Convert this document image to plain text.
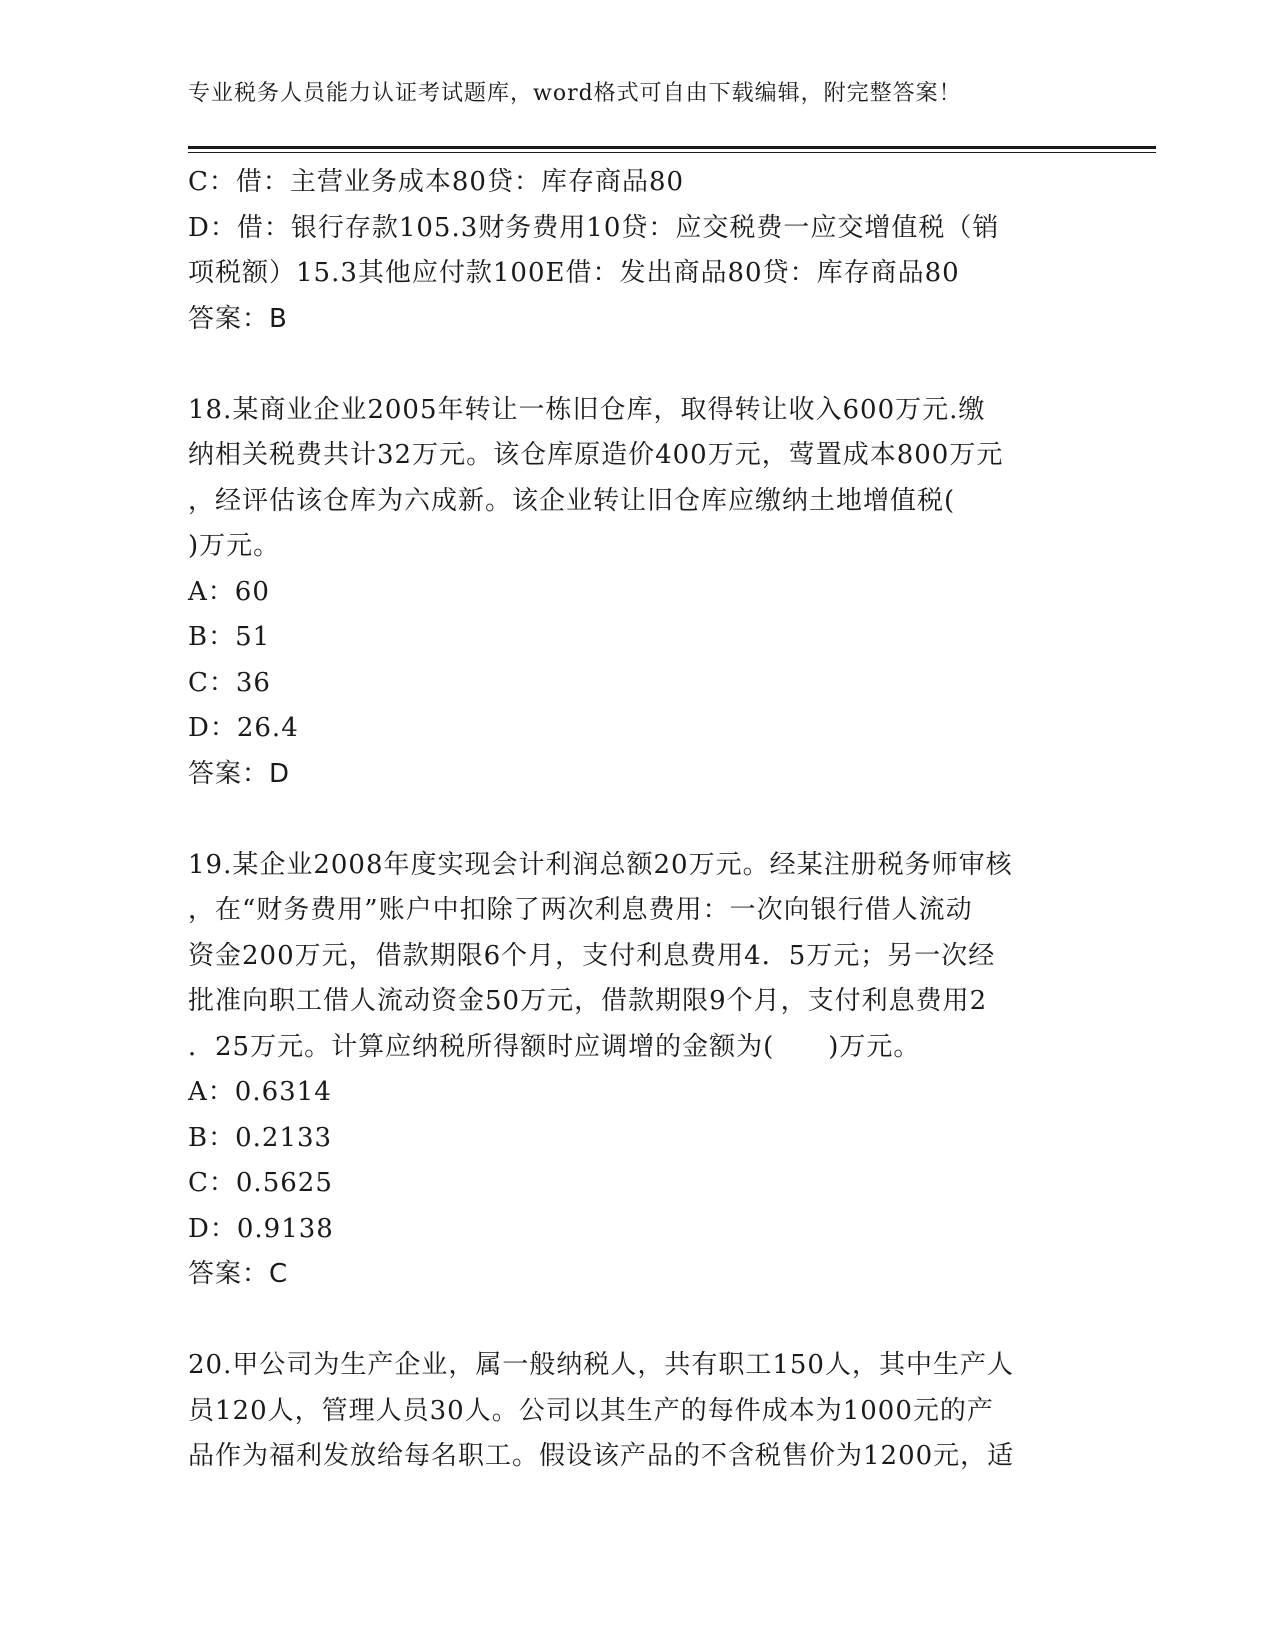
专业税务人员能力认证考试题库，word格式可自由下载编辑，附完整答案！
C：借：主营业务成本80贷：库存商品80
D：借：银行存款105.3财务费用10贷：应交税费一应交增值税（销
项税额）15.3其他应付款100E借：发出商品80贷：库存商品80
答案：B
18.某商业企业2005年转让一栋旧仓库，取得转让收入600万元.缴
纳相关税费共计32万元。该仓库原造价400万元，莺置成本800万元
，经评估该仓库为六成新。该企业转让旧仓库应缴纳土地增值税(
)万元。
A：60
B：51
C：36
D：26.4
答案：D
19.某企业2008年度实现会计利润总额20万元。经某注册税务师审核
，在“财务费用”账户中扣除了两次利息费用：一次向银行借人流动
资金200万元，借款期限6个月，支付利息费用4．5万元；另一次经
批准向职工借人流动资金50万元，借款期限9个月，支付利息费用2
．25万元。计算应纳税所得额时应调增的金额为(　　)万元。
A：0.6314
B：0.2133
C：0.5625
D：0.9138
答案：C
20.甲公司为生产企业，属一般纳税人，共有职工150人，其中生产人
员120人，管理人员30人。公司以其生产的每件成本为1000元的产
品作为福利发放给每名职工。假设该产品的不含税售价为1200元，适
